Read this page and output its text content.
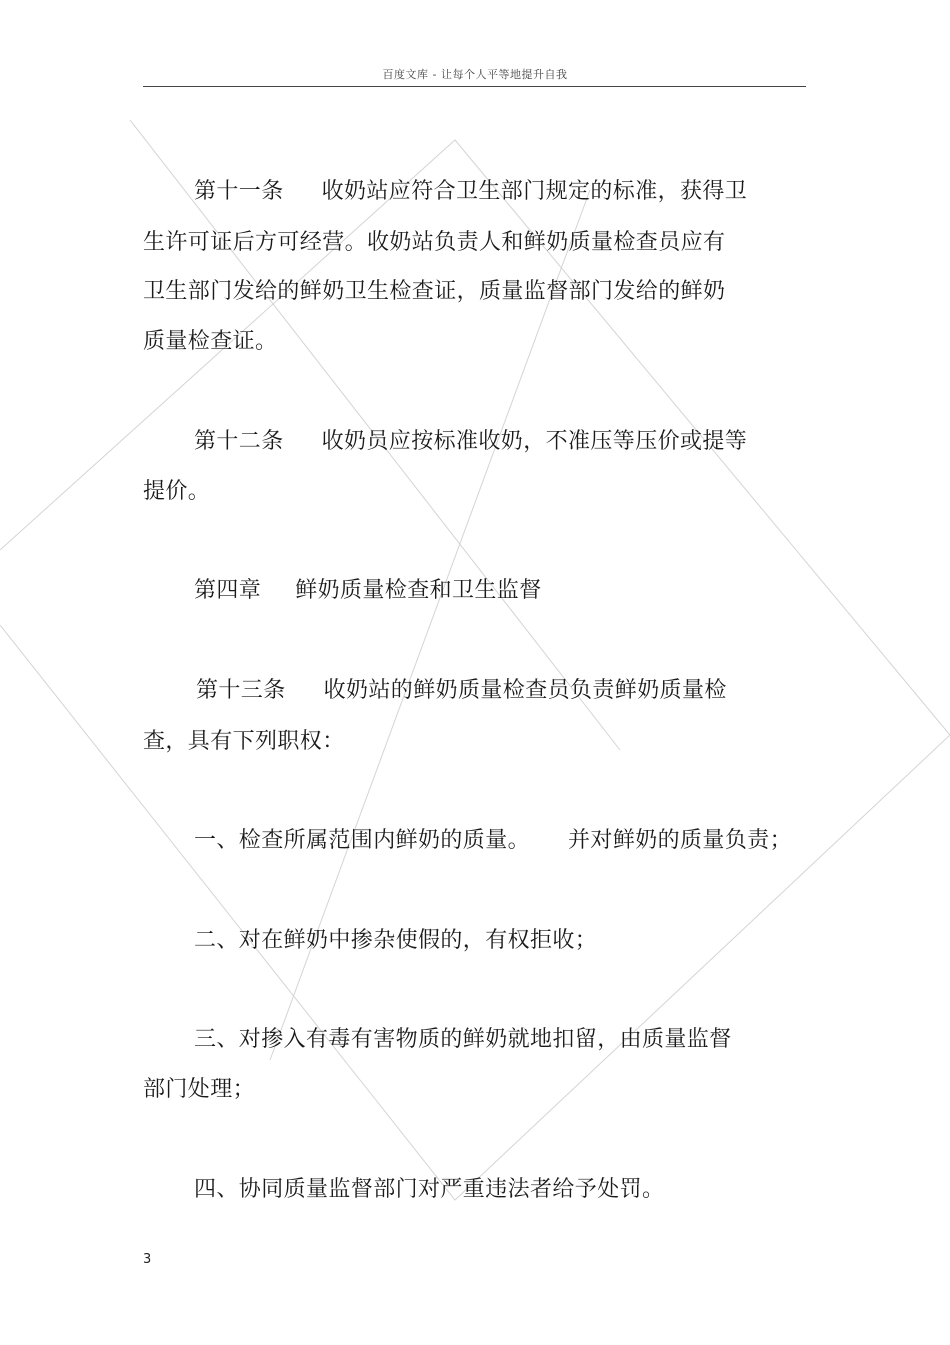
百度文库 - 让每个人平等地提升自我
第十一条 收奶站应符合卫生部门规定的标准，获得卫
生许可证后方可经营。收奶站负责人和鲜奶质量检查员应有
卫生部门发给的鲜奶卫生检查证，质量监督部门发给的鲜奶
质量检查证。
第十二条 收奶员应按标准收奶，不准压等压价或提等
提价。
第四章 鲜奶质量检查和卫生监督
第十三条 收奶站的鲜奶质量检查员负责鲜奶质量检
查，具有下列职权：
一、检查所属范围内鲜奶的质量。 并对鲜奶的质量负责；
二、对在鲜奶中掺杂使假的，有权拒收；
三、对掺入有毒有害物质的鲜奶就地扣留，由质量监督
部门处理；
四、协同质量监督部门对严重违法者给予处罚。
3
